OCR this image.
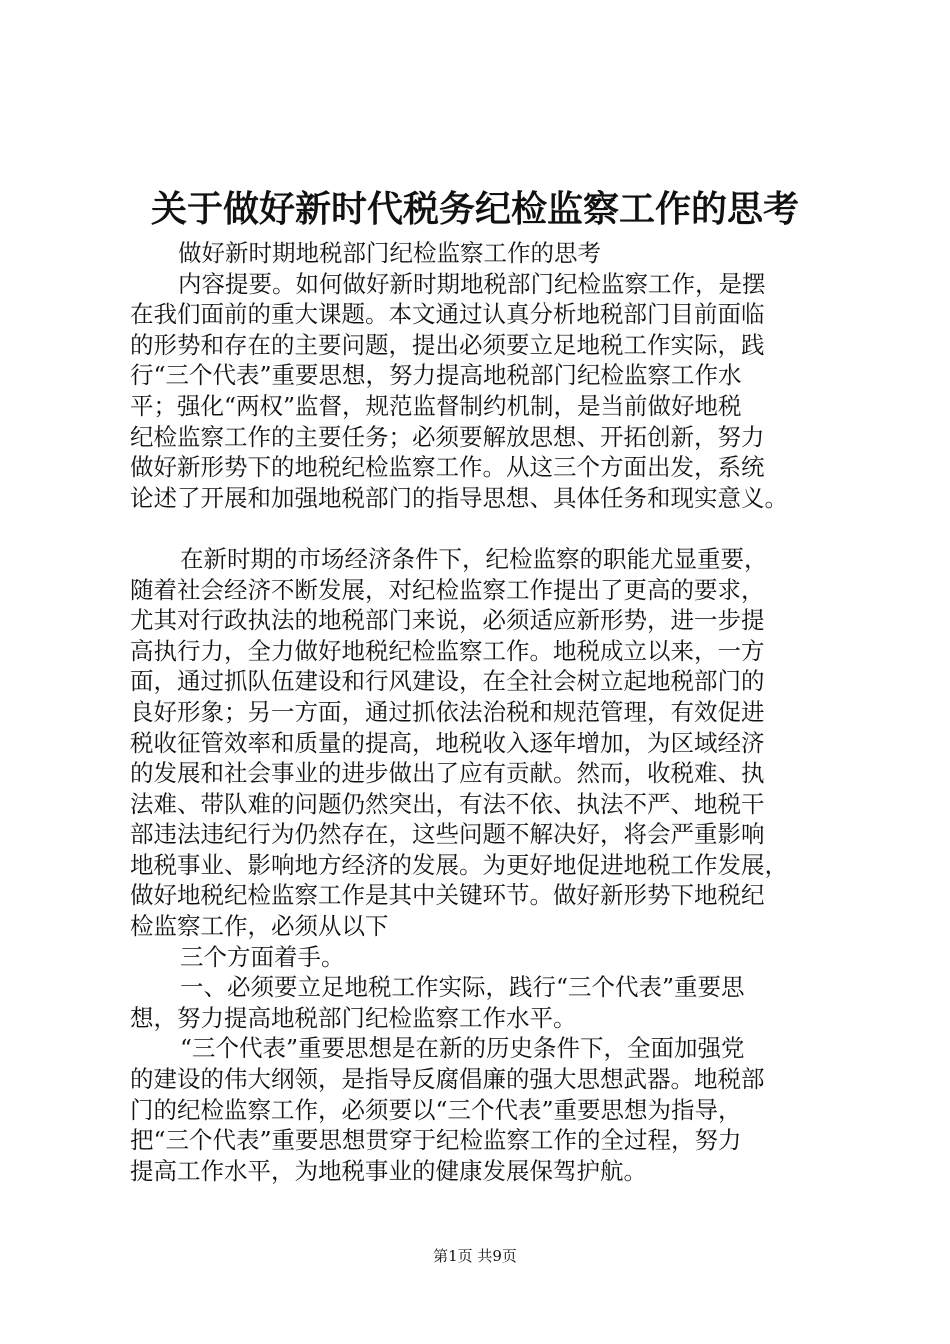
关于做好新时代税务纪检监察工作的思考
做好新时期地税部门纪检监察工作的思考
内容提要。如何做好新时期地税部门纪检监察工作，是摆
在我们面前的重大课题。本文通过认真分析地税部门目前面临
的形势和存在的主要问题，提出必须要立足地税工作实际，践
行“三个代表”重要思想，努力提高地税部门纪检监察工作水
平；强化“两权”监督，规范监督制约机制，是当前做好地税
纪检监察工作的主要任务；必须要解放思想、开拓创新，努力
做好新形势下的地税纪检监察工作。从这三个方面出发，系统
论述了开展和加强地税部门的指导思想、具体任务和现实意义。
在新时期的市场经济条件下，纪检监察的职能尤显重要，
随着社会经济不断发展，对纪检监察工作提出了更高的要求，
尤其对行政执法的地税部门来说，必须适应新形势，进一步提
高执行力，全力做好地税纪检监察工作。地税成立以来，一方
面，通过抓队伍建设和行风建设，在全社会树立起地税部门的
良好形象；另一方面，通过抓依法治税和规范管理，有效促进
税收征管效率和质量的提高，地税收入逐年增加，为区域经济
的发展和社会事业的进步做出了应有贡献。然而，收税难、执
法难、带队难的问题仍然突出，有法不依、执法不严、地税干
部违法违纪行为仍然存在，这些问题不解决好，将会严重影响
地税事业、影响地方经济的发展。为更好地促进地税工作发展，
做好地税纪检监察工作是其中关键环节。做好新形势下地税纪
检监察工作，必须从以下
三个方面着手。
一、必须要立足地税工作实际，践行“三个代表”重要思
想，努力提高地税部门纪检监察工作水平。
“三个代表”重要思想是在新的历史条件下，全面加强党
的建设的伟大纲领，是指导反腐倡廉的强大思想武器。地税部
门的纪检监察工作，必须要以“三个代表”重要思想为指导，
把“三个代表”重要思想贯穿于纪检监察工作的全过程，努力
提高工作水平，为地税事业的健康发展保驾护航。
第1页 共9页
